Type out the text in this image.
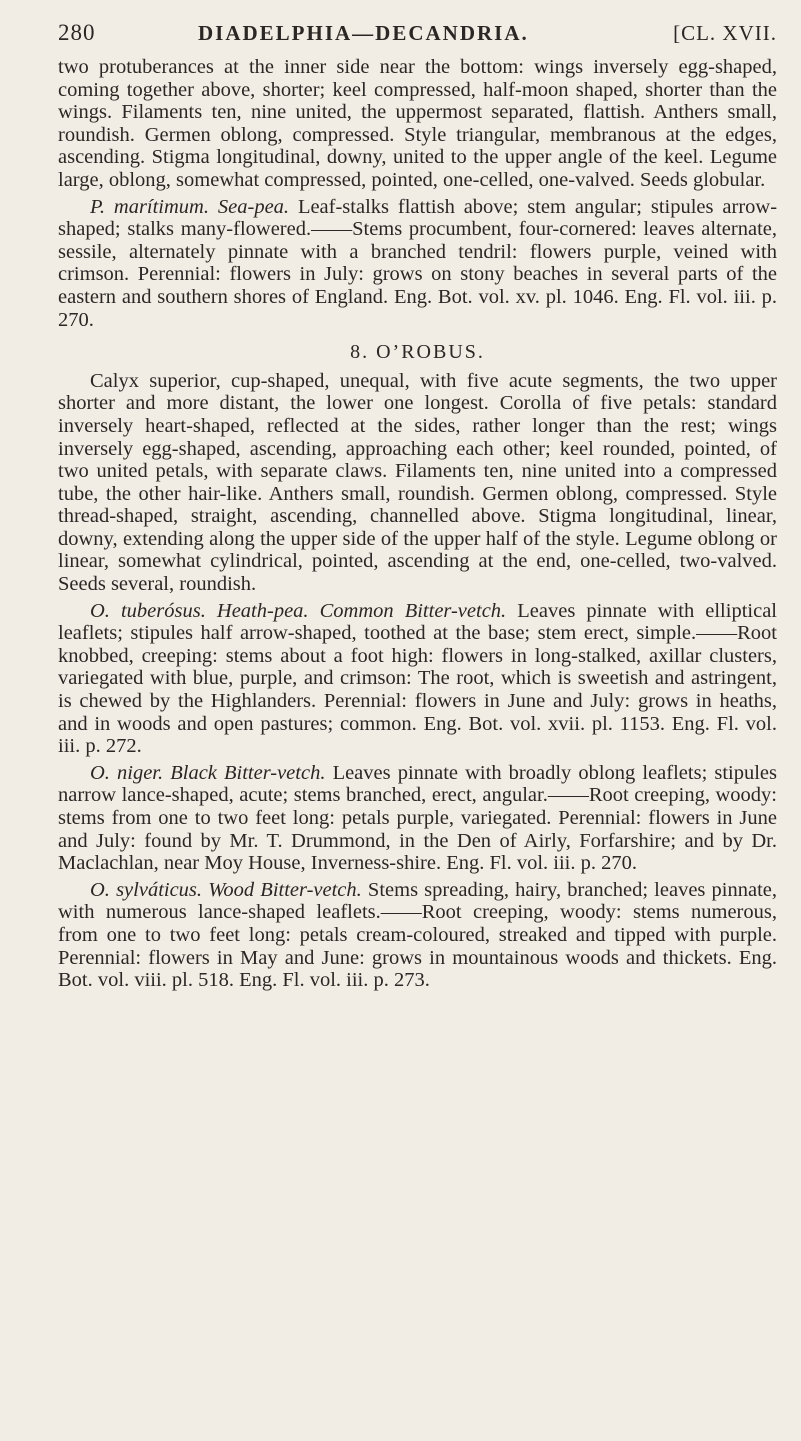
280	DIADELPHIA—DECANDRIA.	[CL. XVII.

two protuberances at the inner side near the bottom: wings inversely egg-shaped, coming together above, shorter; keel compressed, half-moon shaped, shorter than the wings. Filaments ten, nine united, the uppermost separated, flattish. Anthers small, roundish. Germen oblong, compressed. Style triangular, membranous at the edges, ascending. Stigma longitudinal, downy, united to the upper angle of the keel. Legume large, oblong, somewhat compressed, pointed, one-celled, one-valved. Seeds globular.

P. marítimum. Sea-pea. Leaf-stalks flattish above; stem angular; stipules arrow-shaped; stalks many-flowered.——Stems procumbent, four-cornered: leaves alternate, sessile, alternately pinnate with a branched tendril: flowers purple, veined with crimson. Perennial: flowers in July: grows on stony beaches in several parts of the eastern and southern shores of England. Eng. Bot. vol. xv. pl. 1046. Eng. Fl. vol. iii. p. 270.

8. O’ROBUS.

Calyx superior, cup-shaped, unequal, with five acute segments, the two upper shorter and more distant, the lower one longest. Corolla of five petals: standard inversely heart-shaped, reflected at the sides, rather longer than the rest; wings inversely egg-shaped, ascending, approaching each other; keel rounded, pointed, of two united petals, with separate claws. Filaments ten, nine united into a compressed tube, the other hair-like. Anthers small, roundish. Germen oblong, compressed. Style thread-shaped, straight, ascending, channelled above. Stigma longitudinal, linear, downy, extending along the upper side of the upper half of the style. Legume oblong or linear, somewhat cylindrical, pointed, ascending at the end, one-celled, two-valved. Seeds several, roundish.

O. tuberósus. Heath-pea. Common Bitter-vetch. Leaves pinnate with elliptical leaflets; stipules half arrow-shaped, toothed at the base; stem erect, simple.——Root knobbed, creeping: stems about a foot high: flowers in long-stalked, axillar clusters, variegated with blue, purple, and crimson: The root, which is sweetish and astringent, is chewed by the Highlanders. Perennial: flowers in June and July: grows in heaths, and in woods and open pastures; common. Eng. Bot. vol. xvii. pl. 1153. Eng. Fl. vol. iii. p. 272.

O. niger. Black Bitter-vetch. Leaves pinnate with broadly oblong leaflets; stipules narrow lance-shaped, acute; stems branched, erect, angular.——Root creeping, woody: stems from one to two feet long: petals purple, variegated. Perennial: flowers in June and July: found by Mr. T. Drummond, in the Den of Airly, Forfarshire; and by Dr. Maclachlan, near Moy House, Inverness-shire. Eng. Fl. vol. iii. p. 270.

O. sylváticus. Wood Bitter-vetch. Stems spreading, hairy, branched; leaves pinnate, with numerous lance-shaped leaflets.——Root creeping, woody: stems numerous, from one to two feet long: petals cream-coloured, streaked and tipped with purple. Perennial: flowers in May and June: grows in mountainous woods and thickets. Eng. Bot. vol. viii. pl. 518. Eng. Fl. vol. iii. p. 273.
